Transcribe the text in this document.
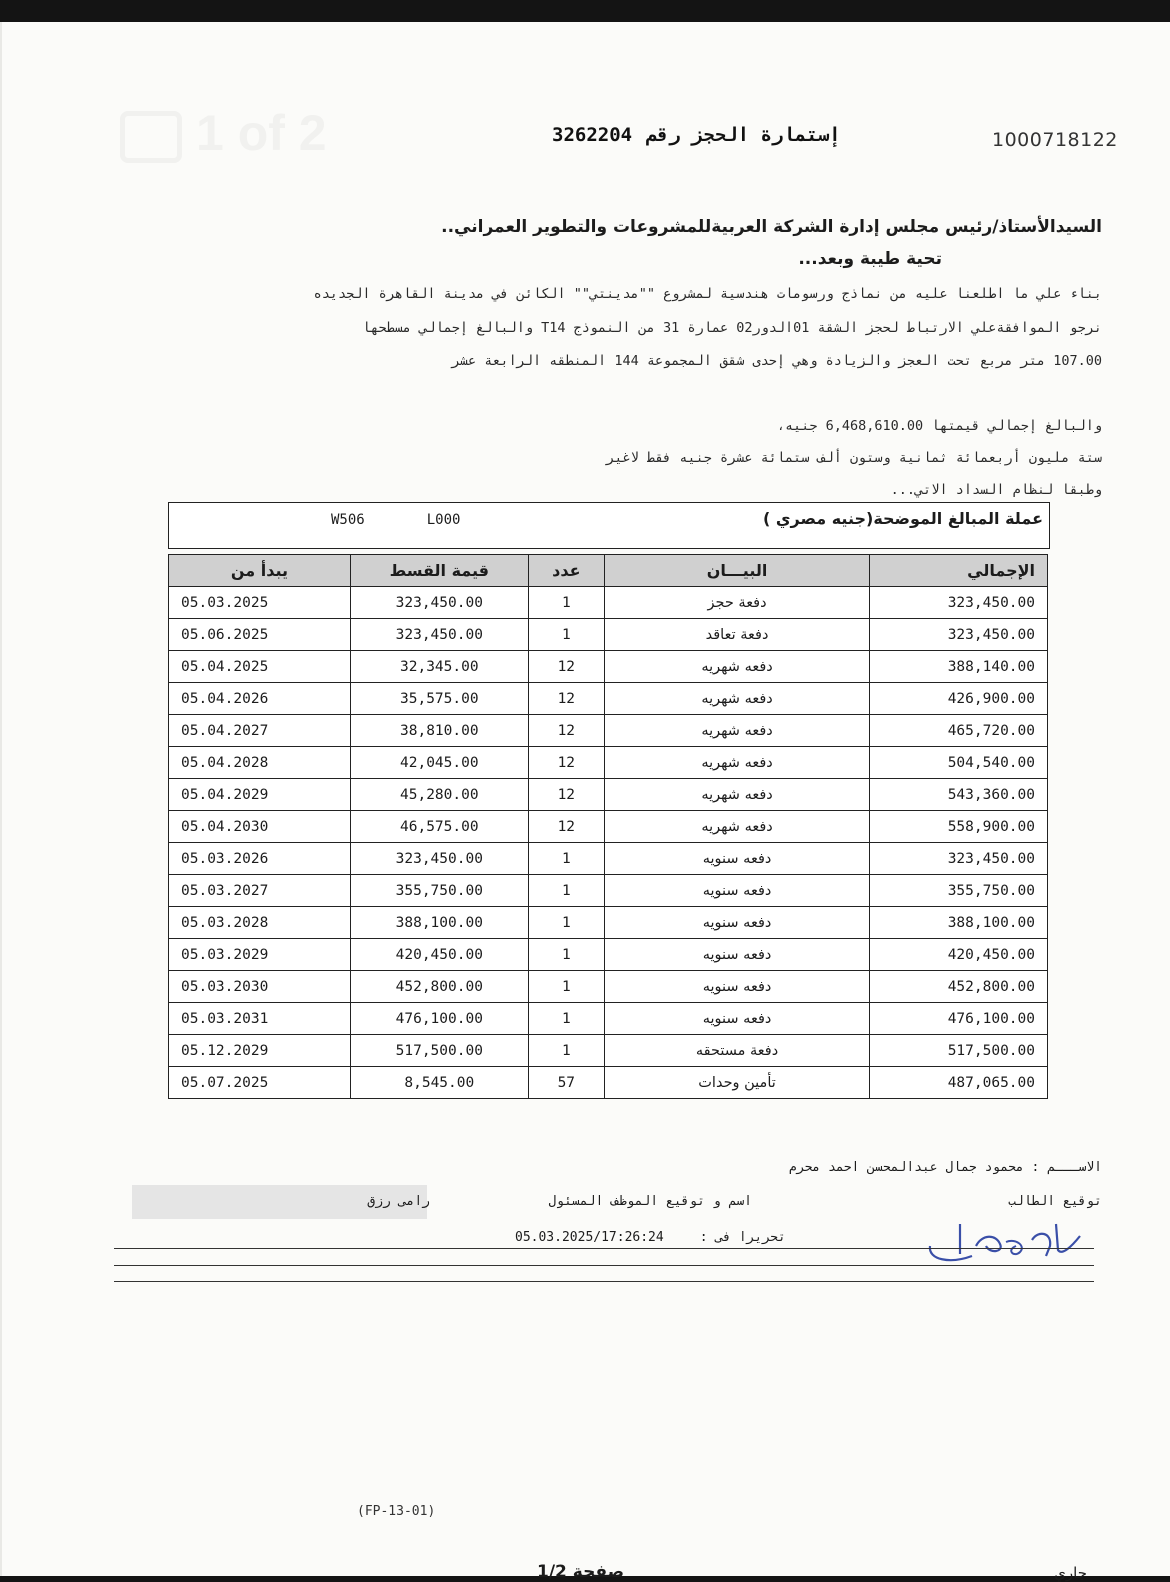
1 of 2	1000718122
3262204 إستمارة الحجز رقم
السيدالأستاذ/رئيس مجلس إدارة الشركة العربيةللمشروعات والتطوير العمراني..
تحية طيبة وبعد...
بناء علي ما اطلعنا عليه من نماذج ورسومات هندسية لمشروع ""مدينتي"" الكائن في مدينة القاهرة الجديده
نرجو الموافقةعلي الارتباط لحجز الشقة 01الدور02 عمارة 31 من النموذج T14 والبالغ إجمالي مسطحها
107.00 متر مربع تحت العجز والزيادة وهي إحدى شقق المجموعة 144 المنطقه الرابعة عشر
والبالغ إجمالي قيمتها 6,468,610.00 جنيه،
ستة مليون أربعمائة ثمانية وستون ألف ستمائة عشرة جنيه فقط لاغير
وطبقا لنظام السداد الاتي...
W506	L000	عملة المبالغ الموضحة(جنيه مصري )
يبدأ من	قيمة القسط	عدد	البيـــان	الإجمالي
05.03.2025	323,450.00	1	دفعة حجز	323,450.00
05.06.2025	323,450.00	1	دفعة تعاقد	323,450.00
05.04.2025	32,345.00	12	دفعه شهريه	388,140.00
05.04.2026	35,575.00	12	دفعه شهريه	426,900.00
05.04.2027	38,810.00	12	دفعه شهريه	465,720.00
05.04.2028	42,045.00	12	دفعه شهريه	504,540.00
05.04.2029	45,280.00	12	دفعه شهريه	543,360.00
05.04.2030	46,575.00	12	دفعه شهريه	558,900.00
05.03.2026	323,450.00	1	دفعه سنويه	323,450.00
05.03.2027	355,750.00	1	دفعه سنويه	355,750.00
05.03.2028	388,100.00	1	دفعه سنويه	388,100.00
05.03.2029	420,450.00	1	دفعه سنويه	420,450.00
05.03.2030	452,800.00	1	دفعه سنويه	452,800.00
05.03.2031	476,100.00	1	دفعه سنويه	476,100.00
05.12.2029	517,500.00	1	دفعة مستحقه	517,500.00
05.07.2025	8,545.00	57	تأمين وحدات	487,065.00
الاســـم : محمود جمال عبدالمحسن احمد محرم
توقيع الطالب
اسم و توقيع الموظف المسئول
رامى رزق
05.03.2025/17:26:24	تحريرا فى :
(FP-13-01)
صفحة 1/2	جاري
